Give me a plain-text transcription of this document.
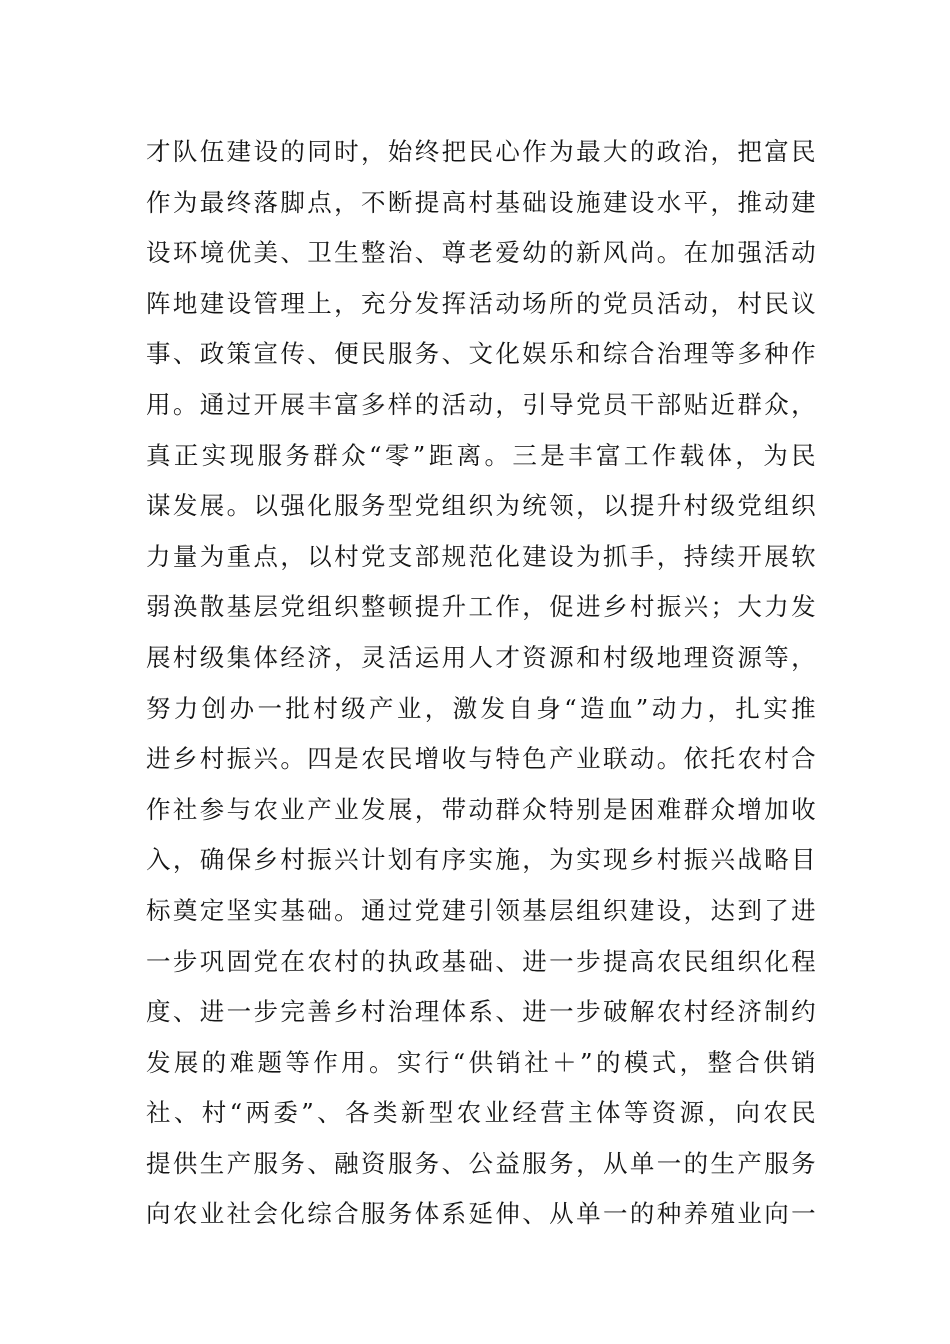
才队伍建设的同时，始终把民心作为最大的政治，把富民
作为最终落脚点，不断提高村基础设施建设水平，推动建
设环境优美、卫生整治、尊老爱幼的新风尚。在加强活动
阵地建设管理上，充分发挥活动场所的党员活动，村民议
事、政策宣传、便民服务、文化娱乐和综合治理等多种作
用。通过开展丰富多样的活动，引导党员干部贴近群众，
真正实现服务群众“零”距离。三是丰富工作载体，为民
谋发展。以强化服务型党组织为统领，以提升村级党组织
力量为重点，以村党支部规范化建设为抓手，持续开展软
弱涣散基层党组织整顿提升工作，促进乡村振兴；大力发
展村级集体经济，灵活运用人才资源和村级地理资源等，
努力创办一批村级产业，激发自身“造血”动力，扎实推
进乡村振兴。四是农民增收与特色产业联动。依托农村合
作社参与农业产业发展，带动群众特别是困难群众增加收
入，确保乡村振兴计划有序实施，为实现乡村振兴战略目
标奠定坚实基础。通过党建引领基层组织建设，达到了进
一步巩固党在农村的执政基础、进一步提高农民组织化程
度、进一步完善乡村治理体系、进一步破解农村经济制约
发展的难题等作用。实行“供销社＋”的模式，整合供销
社、村“两委”、各类新型农业经营主体等资源，向农民
提供生产服务、融资服务、公益服务，从单一的生产服务
向农业社会化综合服务体系延伸、从单一的种养殖业向一
